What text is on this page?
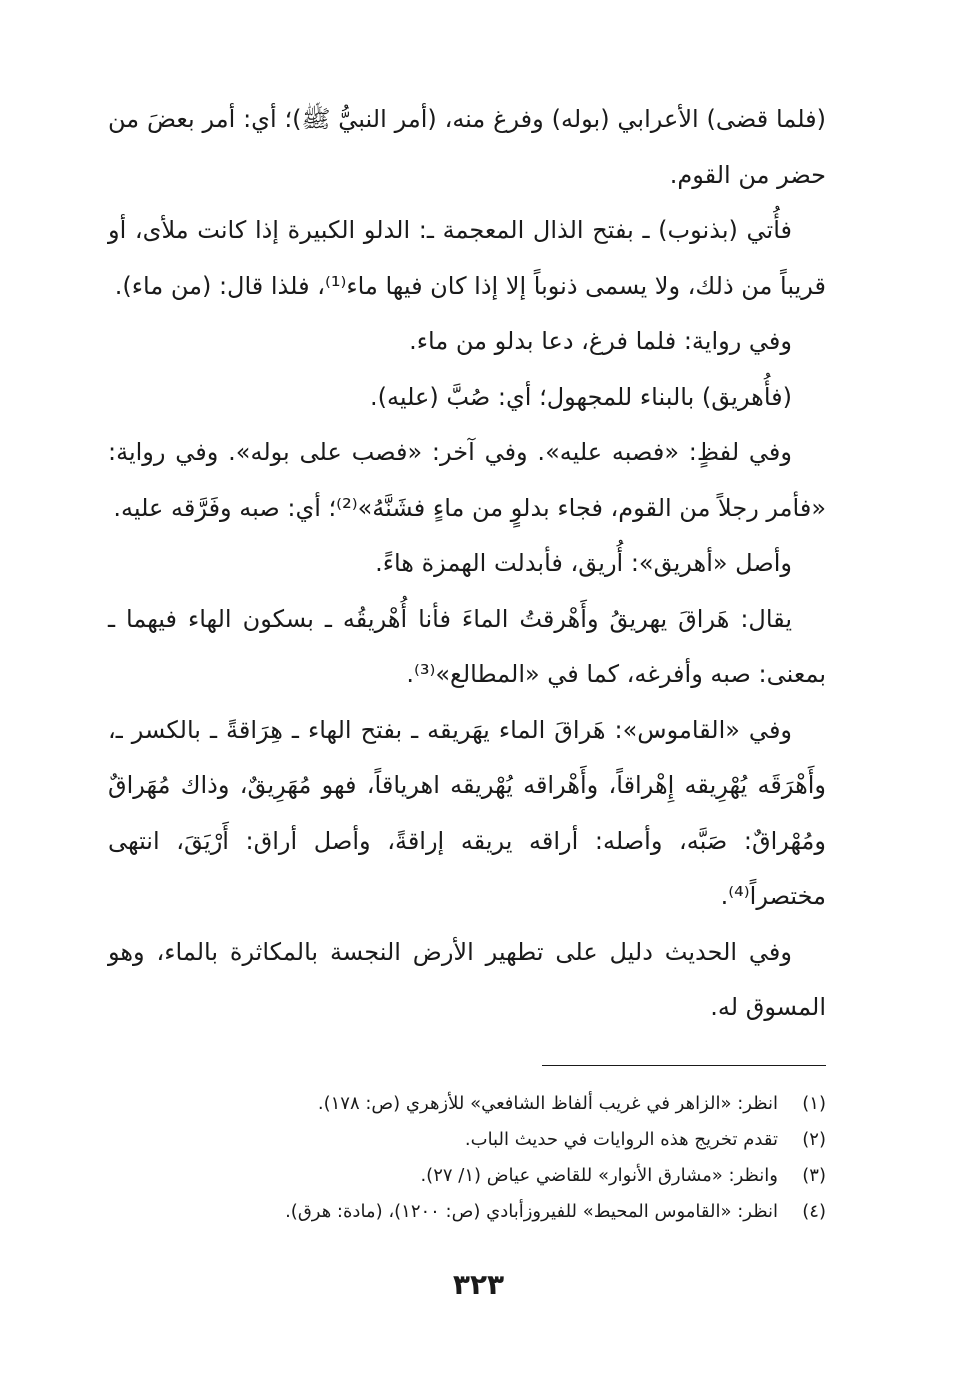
(فلما قضى) الأعرابي (بوله) وفرغ منه، (أمر النبيُّ ﷺ)؛ أي: أمر بعضَ من حضر من القوم.

فأُتي (بذنوب) ـ بفتح الذال المعجمة ـ: الدلو الكبيرة إذا كانت ملأى، أو قريباً من ذلك، ولا يسمى ذنوباً إلا إذا كان فيها ماء⁽¹⁾، فلذا قال: (من ماء).

وفي رواية: فلما فرغ، دعا بدلو من ماء.

(فأُهريق) بالبناء للمجهول؛ أي: صُبَّ (عليه).

وفي لفظٍ: «فصبه عليه». وفي آخر: «فصب على بوله». وفي رواية: «فأمر رجلاً من القوم، فجاء بدلوٍ من ماءٍ فشَنَّهُ»⁽²⁾؛ أي: صبه وفَرَّقه عليه.

وأصل «أهريق»: أُريق، فأبدلت الهمزة هاءً.

يقال: هَراقَ يهريقُ وأَهْرقتُ الماءَ فأنا أُهْريقُه ـ بسكون الهاء فيهما ـ بمعنى: صبه وأفرغه، كما في «المطالع»⁽³⁾.

وفي «القاموس»: هَراقَ الماء يهَريقه ـ بفتح الهاء ـ هِرَاقةً ـ بالكسر ـ، وأَهْرَقَه يُهْرِيقه إِهْراقاً، وأَهْراقه يُهْريقه اهرياقاً، فهو مُهَرِيقٌ، وذاك مُهَراقٌ ومُهْراقٌ: صَبَّه، وأصله: أراقه يريقه إراقةً، وأصل أراق: أَرْيَقَ، انتهى مختصراً⁽⁴⁾.

وفي الحديث دليل على تطهير الأرض النجسة بالمكاثرة بالماء، وهو المسوق له.

(١)
انظر: «الزاهر في غريب ألفاظ الشافعي» للأزهري (ص: ١٧٨).
(٢)
تقدم تخريج هذه الروايات في حديث الباب.
(٣)
وانظر: «مشارق الأنوار» للقاضي عياض (١/ ٢٧).
(٤)
انظر: «القاموس المحيط» للفيروزأبادي (ص: ١٢٠٠)، (مادة: هرق).
٣٢٣
